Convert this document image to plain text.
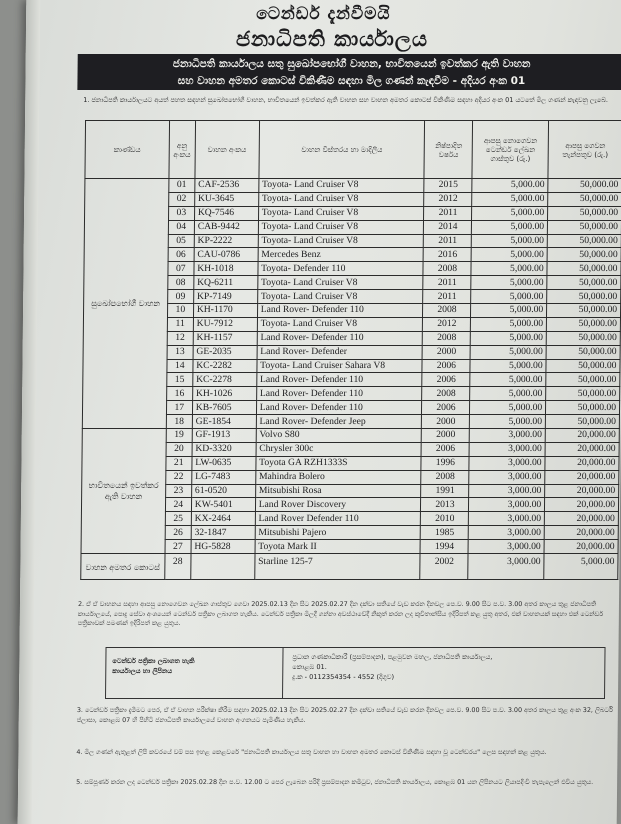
ටෙන්ඩර් දැන්වීමයි
ජනාධිපති කාර්යාලය
ජනාධිපති කාර්යාලය සතු සුඛෝපභෝගී වාහන, භාවිතයෙන් ඉවත්කර ඇති වාහන
සහ වාහන අමතර කොටස් විකිණීම සඳහා මිල ගණන් කැඳවීම - අදියර අංක 01
1. ජනාධිපති කාර්යාලයට අයත් පහත සඳහන් සුඛෝපභෝගී වාහන, භාවිතයෙන් ඉවත්කර ඇති වාහන සහ වාහන අමතර කොටස් විකිණීම සඳහා අදියර අංක 01 යටතේ මිල ගණන් කැඳවනු ලැබේ.
කාණ්ඩය	අනු අංකය	වාහන අංකය	වාහන විස්තරය හා මාදිලිය	නිෂ්පාදිත වර්ෂය	ආපසු නොගෙවන ටෙන්ඩර් ලේඛන ගාස්තුව (රු.)	ආපසු ගෙවන තැන්පතුව (රු.)
සුඛෝපභෝගී වාහන	01	CAF-2536	Toyota- Land Cruiser V8	2015	5,000.00	50,000.00
	02	KU-3645	Toyota- Land Cruiser V8	2012	5,000.00	50,000.00
	03	KQ-7546	Toyota- Land Cruiser V8	2011	5,000.00	50,000.00
	04	CAB-9442	Toyota- Land Cruiser V8	2014	5,000.00	50,000.00
	05	KP-2222	Toyota- Land Cruiser V8	2011	5,000.00	50,000.00
	06	CAU-0786	Mercedes Benz	2016	5,000.00	50,000.00
	07	KH-1018	Toyota- Defender 110	2008	5,000.00	50,000.00
	08	KQ-6211	Toyota- Land Cruiser V8	2011	5,000.00	50,000.00
	09	KP-7149	Toyota- Land Cruiser V8	2011	5,000.00	50,000.00
	10	KH-1170	Land Rover- Defender 110	2008	5,000.00	50,000.00
	11	KU-7912	Toyota- Land Cruiser V8	2012	5,000.00	50,000.00
	12	KH-1157	Land Rover- Defender 110	2008	5,000.00	50,000.00
	13	GE-2035	Land Rover- Defender	2000	5,000.00	50,000.00
	14	KC-2282	Toyota- Land Cruiser Sahara V8	2006	5,000.00	50,000.00
	15	KC-2278	Land Rover- Defender 110	2006	5,000.00	50,000.00
	16	KH-1026	Land Rover- Defender 110	2008	5,000.00	50,000.00
	17	KB-7605	Land Rover- Defender 110	2006	5,000.00	50,000.00
	18	GE-1854	Land Rover- Defender Jeep	2000	5,000.00	50,000.00
භාවිතයෙන් ඉවත්කර ඇති වාහන	19	GF-1913	Volvo S80	2000	3,000.00	20,000.00
	20	KD-3320	Chrysler 300c	2006	3,000.00	20,000.00
	21	LW-0635	Toyota GA RZH1333S	1996	3,000.00	20,000.00
	22	LG-7483	Mahindra Bolero	2008	3,000.00	20,000.00
	23	61-0520	Mitsubishi Rosa	1991	3,000.00	20,000.00
	24	KW-5401	Land Rover Discovery	2013	3,000.00	20,000.00
	25	KX-2464	Land Rover Defender 110	2010	3,000.00	20,000.00
	26	32-1847	Mitsubishi Pajero	1985	3,000.00	20,000.00
	27	HG-5828	Toyota Mark II	1994	3,000.00	20,000.00
වාහන අමතර කොටස්	28		Starline 125-7	2002	3,000.00	5,000.00
2. ඒ ඒ වාහනය සඳහා ආපසු නොගෙවන ලේඛන ගාස්තුව ගෙවා 2025.02.13 දින සිට 2025.02.27 දින දක්වා සතියේ වැඩ කරන දිනවල පෙ.ව. 9.00 සිට ප.ව. 3.00 අතර කාලය තුළ ජනාධිපති කාර්යාලයේ, පොදු සේවා අංශයෙන් ටෙන්ඩර් පත්‍රිකා ලබාගත හැකිය. ටෙන්ඩර් පත්‍රිකා මිලදී ගන්නා අවස්ථාවේදී නිකුත් කරන ලද කුවිතාන්සිය ඉදිරිපත් කළ යුතු අතර, එක් වාහනයක් සඳහා එක් ටෙන්ඩර් පත්‍රිකාවක් පමණක් ඉදිරිපත් කළ යුතුය.
ටෙන්ඩර් පත්‍රිකා ලබාගත හැකි
කාර්යාලය හා ලිපිනය
ප්‍රධාන ගණකාධිකාරී (ප්‍රසම්පාදන), පළමුවන මහල, ජනාධිපති කාර්යාලය,
කොළඹ 01.
දු.ක - 0112354354 - 4552 (දිගුව)
3. ටෙන්ඩර් පත්‍රිකා දැමීමට පෙර, ඒ ඒ වාහන පරීක්ෂා කිරීම සඳහා 2025.02.13 දින සිට 2025.02.27 දින දක්වා සතියේ වැඩ කරන දිනවල පෙ.ව. 9.00 සිට ප.ව. 3.00 අතර කාලය තුළ අංක 32, ලිබර්ටි ප්ලාසා, කොළඹ 07 හි පිහිටි ජනාධිපති කාර්යාලයේ වාහන අංගනයට පැමිණිය හැකිය.
4. මිල ගණන් ඇතුළත් ලිපි කවරයේ වම් පස ඉහළ කෙළවරේ "ජනාධිපති කාර්යාලය සතු වාහන හා වාහන අමතර කොටස් විකිණීම සඳහා වූ ටෙන්ඩරය" ලෙස සඳහන් කළ යුතුය.
5. සම්පූර්ණ කරන ලද ටෙන්ඩර් පත්‍රිකා 2025.02.28 දින ප.ව. 12.00 ට පෙර ලැබෙන පරිදි ප්‍රසම්පාදන කමිටුව, ජනාධිපති කාර්යාලය, කොළඹ 01 යන ලිපිනයට ලියාපදිංචි තැපෑලෙන් එවිය යුතුය.
